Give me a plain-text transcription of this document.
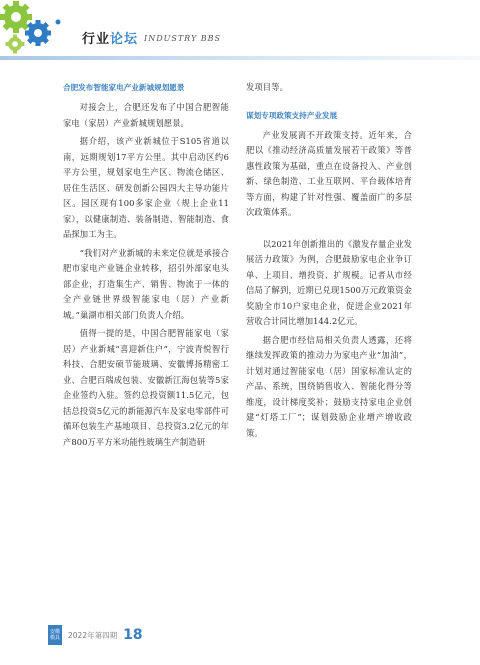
行业论坛 INDUSTRY BBS
合肥发布智能家电产业新城规划愿景

对接会上，合肥还发布了中国合肥智能家电（家居）产业新城规划愿景。

据介绍，该产业新城位于S105省道以南，远期规划17平方公里。其中启动区约6平方公里，规划家电生产区、物流仓储区、居住生活区、研发创新公园四大主导功能片区。园区现有100多家企业（规上企业11家），以健康制造、装备制造、智能制造、食品探加工为主。

“我们对产业新城的未来定位就是承接合肥市家电产业链企业转移，招引外部家电头部企业，打造集生产、销售、物流于一体的全产业链世界级智能家电（居）产业新城。”巢湖市相关部门负责人介绍。

值得一提的是，中国合肥智能家电（家居）产业新城“喜迎新住户”，宁波青悦智行科技、合肥安硕节能玻璃、安徽博扬精密工业、合肥百瑞成包装、安徽新江海包装等5家企业签约入驻。签约总投资额11.5亿元，包括总投资5亿元的新能源汽车及家电零部件可循环包装生产基地项目、总投资3.2亿元的年产800万平方米功能性玻璃生产制造研

发项目等。

谋划专项政策支持产业发展

产业发展离不开政策支持。近年来，合肥以《推动经济高质量发展若干政策》等普惠性政策为基础，重点在设备投入、产业创新、绿色制造、工业互联网、平台载体培育等方面，构建了针对性强、覆盖面广的多层次政策体系。

以2021年创新推出的《激发存量企业发展活力政策》为例，合肥鼓励家电企业争订单、上项目、增投资、扩规模。记者从市经信局了解到，近期已兑现1500万元政策资金奖励全市10户家电企业，促进企业2021年营收合计同比增加144.2亿元。

据合肥市经信局相关负责人透露，还将继续发挥政策的推动力为家电产业“加油”，计划对通过智能家电（居）国家标准认定的产品、系统，围绕销售收入、智能化得分等维度，设计梯度奖补；鼓励支持家电企业创建“灯塔工厂”；谋划鼓励企业增产增收政策。

安徽
模具 2022年第四期 18
